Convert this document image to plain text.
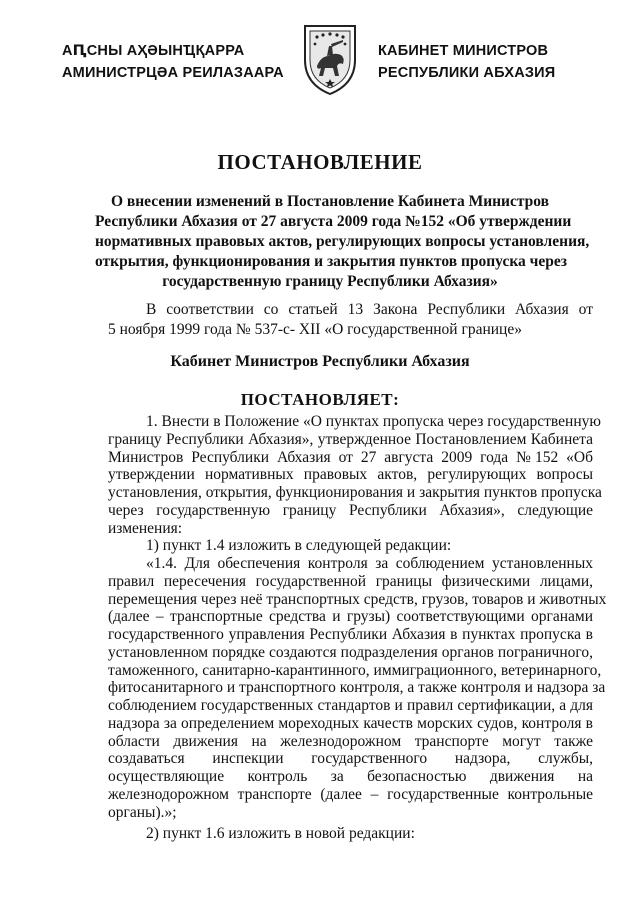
АԤСНЫ АҲӘЫНҴҚАРРА
АМИНИСТРЦӘА РЕИЛАЗААРА
КАБИНЕТ МИНИСТРОВ
РЕСПУБЛИКИ АБХАЗИЯ
ПОСТАНОВЛЕНИЕ
О внесении изменений в Постановление Кабинета Министров
Республики Абхазия от 27 августа 2009 года №152 «Об утверждении
нормативных правовых актов, регулирующих вопросы установления,
открытия, функционирования и закрытия пунктов пропуска через
государственную границу Республики Абхазия»
В соответствии со статьей 13 Закона Республики Абхазия от
5 ноября 1999 года № 537-с- XII «О государственной границе»
Кабинет Министров Республики Абхазия
ПОСТАНОВЛЯЕТ:
1. Внести в Положение «О пунктах пропуска через государственную
границу Республики Абхазия», утвержденное Постановлением Кабинета
Министров Республики Абхазия от 27 августа 2009 года №152 «Об
утверждении нормативных правовых актов, регулирующих вопросы
установления, открытия, функционирования и закрытия пунктов пропуска
через государственную границу Республики Абхазия», следующие
изменения:
1) пункт 1.4 изложить в следующей редакции:
«1.4. Для обеспечения контроля за соблюдением установленных
правил пересечения государственной границы физическими лицами,
перемещения через неё транспортных средств, грузов, товаров и животных
(далее – транспортные средства и грузы) соответствующими органами
государственного управления Республики Абхазия в пунктах пропуска в
установленном порядке создаются подразделения органов пограничного,
таможенного, санитарно-карантинного, иммиграционного, ветеринарного,
фитосанитарного и транспортного контроля, а также контроля и надзора за
соблюдением государственных стандартов и правил сертификации, а для
надзора за определением мореходных качеств морских судов, контроля в
области движения на железнодорожном транспорте могут также
создаваться инспекции государственного надзора, службы,
осуществляющие контроль за безопасностью движения на
железнодорожном транспорте (далее – государственные контрольные
органы).»;
2) пункт 1.6 изложить в новой редакции:
